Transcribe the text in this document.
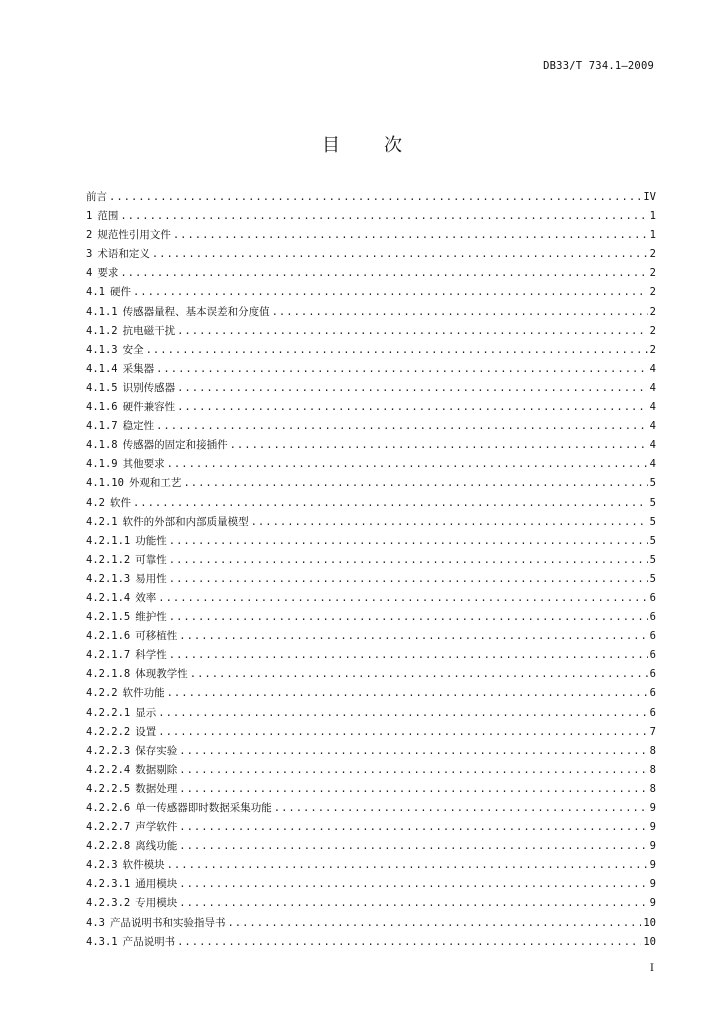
DB33/T 734.1—2009
目 次
前言 .....	IV
1 范围 .....	1
2 规范性引用文件 .....	1
3 术语和定义 .....	2
4 要求 .....	2
4.1 硬件 .....	2
4.1.1 传感器量程、基本误差和分度值 .....	2
4.1.2 抗电磁干扰 .....	2
4.1.3 安全 .....	2
4.1.4 采集器 .....	4
4.1.5 识别传感器 .....	4
4.1.6 硬件兼容性 .....	4
4.1.7 稳定性 .....	4
4.1.8 传感器的固定和接插件 .....	4
4.1.9 其他要求 .....	4
4.1.10 外观和工艺 .....	5
4.2 软件 .....	5
4.2.1 软件的外部和内部质量模型 .....	5
4.2.1.1 功能性 .....	5
4.2.1.2 可靠性 .....	5
4.2.1.3 易用性 .....	5
4.2.1.4 效率 .....	6
4.2.1.5 维护性 .....	6
4.2.1.6 可移植性 .....	6
4.2.1.7 科学性 .....	6
4.2.1.8 体现教学性 .....	6
4.2.2 软件功能 .....	6
4.2.2.1 显示 .....	6
4.2.2.2 设置 .....	7
4.2.2.3 保存实验 .....	8
4.2.2.4 数据剔除 .....	8
4.2.2.5 数据处理 .....	8
4.2.2.6 单一传感器即时数据采集功能 .....	9
4.2.2.7 声学软件 .....	9
4.2.2.8 离线功能 .....	9
4.2.3 软件模块 .....	9
4.2.3.1 通用模块 .....	9
4.2.3.2 专用模块 .....	9
4.3 产品说明书和实验指导书 .....	10
4.3.1 产品说明书 .....	10
I
